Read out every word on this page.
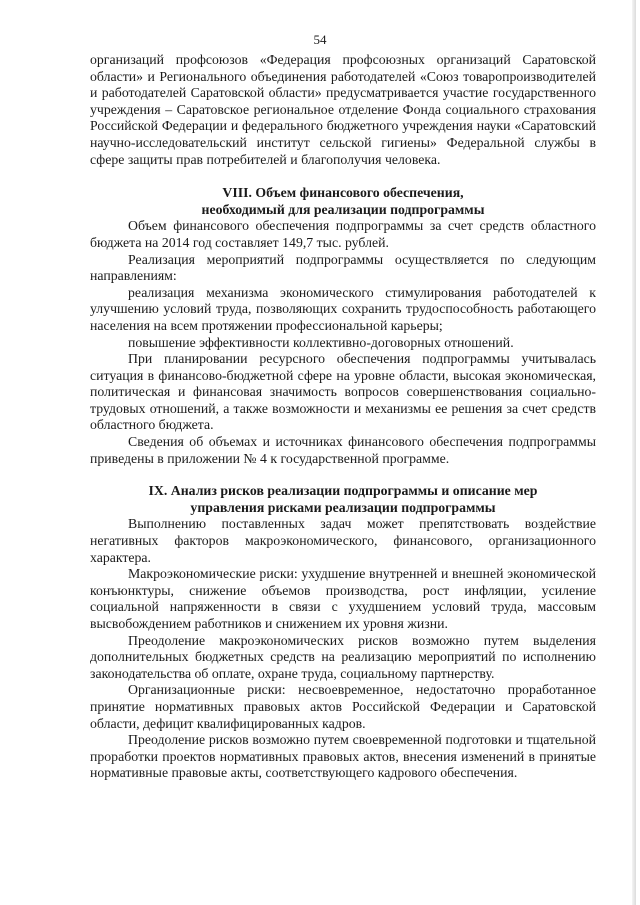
54

организаций профсоюзов «Федерация профсоюзных организаций Саратовской области» и Регионального объединения работодателей «Союз товаропроизводителей и работодателей Саратовской области» предусматривается участие государственного учреждения – Саратовское региональное отделение Фонда социального страхования Российской Федерации и федерального бюджетного учреждения науки «Саратовский научно-исследовательский институт сельской гигиены» Федеральной службы в сфере защиты прав потребителей и благополучия человека.

VIII. Объем финансового обеспечения,

необходимый для реализации подпрограммы

Объем финансового обеспечения подпрограммы за счет средств областного бюджета на 2014 год составляет 149,7 тыс. рублей.

Реализация мероприятий подпрограммы осуществляется по следующим направлениям:

реализация механизма экономического стимулирования работодателей к улучшению условий труда, позволяющих сохранить трудоспособность работающего населения на всем протяжении профессиональной карьеры;

повышение эффективности коллективно-договорных отношений.

При планировании ресурсного обеспечения подпрограммы учитывалась ситуация в финансово-бюджетной сфере на уровне области, высокая экономическая, политическая и финансовая значимость вопросов совершенствования социально-трудовых отношений, а также возможности и механизмы ее решения за счет средств областного бюджета.

Сведения об объемах и источниках финансового обеспечения подпрограммы приведены в приложении № 4 к государственной программе.

IX. Анализ рисков реализации подпрограммы и описание мер

управления рисками реализации подпрограммы

Выполнению поставленных задач может препятствовать воздействие негативных факторов макроэкономического, финансового, организационного характера.

Макроэкономические риски: ухудшение внутренней и внешней экономической конъюнктуры, снижение объемов производства, рост инфляции, усиление социальной напряженности в связи с ухудшением условий труда, массовым высвобождением работников и снижением их уровня жизни.

Преодоление макроэкономических рисков возможно путем выделения дополнительных бюджетных средств на реализацию мероприятий по исполнению законодательства об оплате, охране труда, социальному партнерству.

Организационные риски: несвоевременное, недостаточно проработанное принятие нормативных правовых актов Российской Федерации и Саратовской области, дефицит квалифицированных кадров.

Преодоление рисков возможно путем своевременной подготовки и тщательной проработки проектов нормативных правовых актов, внесения изменений в принятые нормативные правовые акты, соответствующего кадрового обеспечения.
